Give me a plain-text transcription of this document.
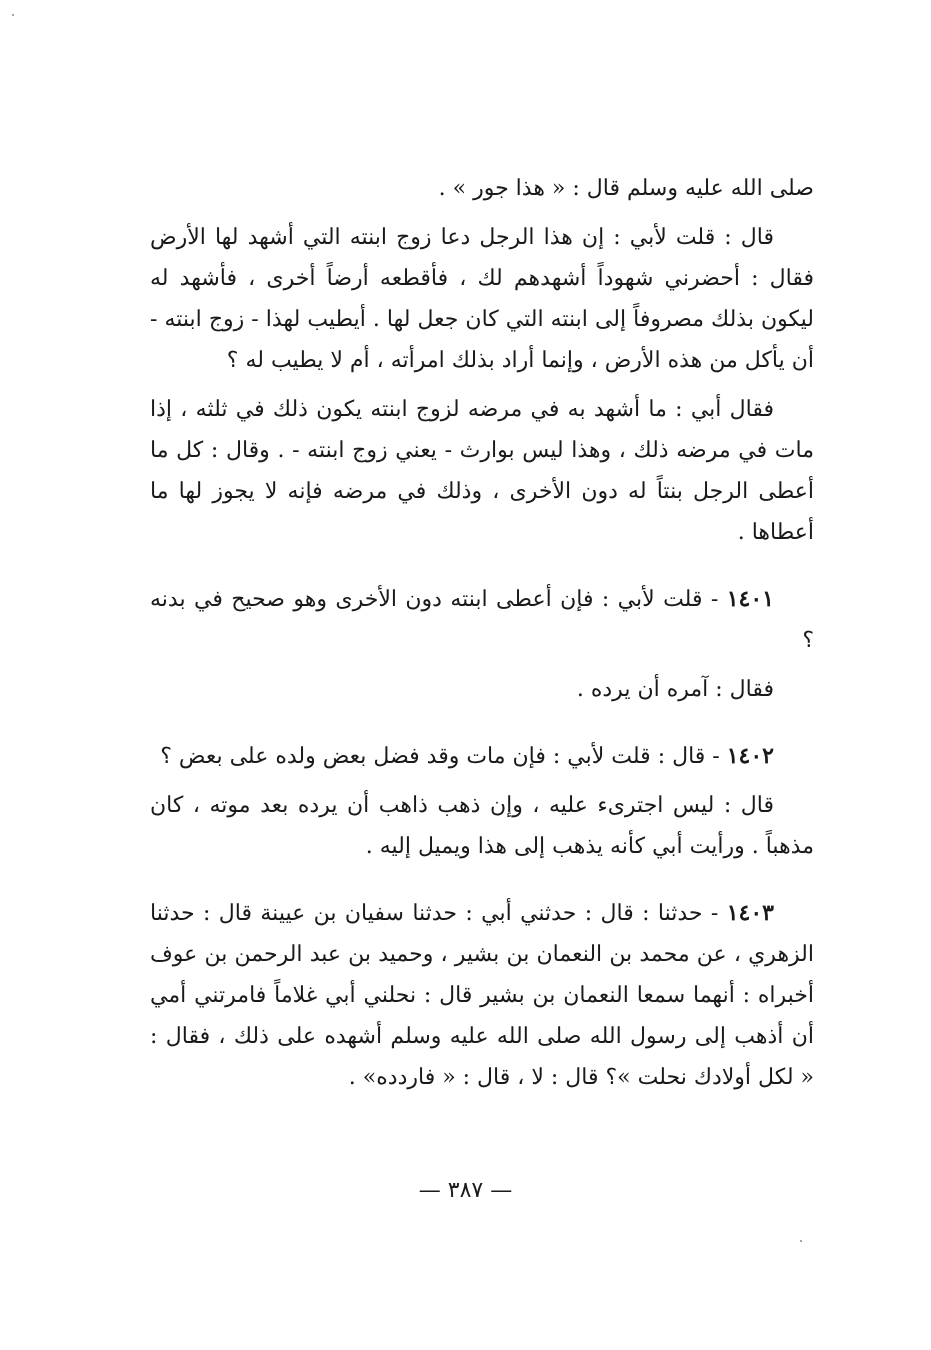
صلى الله عليه وسلم قال : « هذا جور » .

قال : قلت لأبي : إن هذا الرجل دعا زوج ابنته التي أشهد لها الأرض فقال : أحضرني شهوداً أشهدهم لك ، فأقطعه أرضاً أخرى ، فأشهد له ليكون بذلك مصروفاً إلى ابنته التي كان جعل لها . أيطيب لهذا - زوج ابنته - أن يأكل من هذه الأرض ، وإنما أراد بذلك امرأته ، أم لا يطيب له ؟

فقال أبي : ما أشهد به في مرضه لزوج ابنته يكون ذلك في ثلثه ، إذا مات في مرضه ذلك ، وهذا ليس بوارث - يعني زوج ابنته - . وقال : كل ما أعطى الرجل بنتاً له دون الأخرى ، وذلك في مرضه فإنه لا يجوز لها ما أعطاها .

١٤٠١ - قلت لأبي : فإن أعطى ابنته دون الأخرى وهو صحيح في بدنه ؟

فقال : آمره أن يرده .

١٤٠٢ - قال : قلت لأبي : فإن مات وقد فضل بعض ولده على بعض ؟

قال : ليس اجترىء عليه ، وإن ذهب ذاهب أن يرده بعد موته ، كان مذهباً . ورأيت أبي كأنه يذهب إلى هذا ويميل إليه .

١٤٠٣ - حدثنا : قال : حدثني أبي : حدثنا سفيان بن عيينة قال : حدثنا الزهري ، عن محمد بن النعمان بن بشير ، وحميد بن عبد الرحمن بن عوف أخبراه : أنهما سمعا النعمان بن بشير قال : نحلني أبي غلاماً فامرتني أمي أن أذهب إلى رسول الله صلى الله عليه وسلم أشهده على ذلك ، فقال : « لكل أولادك نحلت »؟ قال : لا ، قال : « فاردده» .

— ٣٨٧ —
